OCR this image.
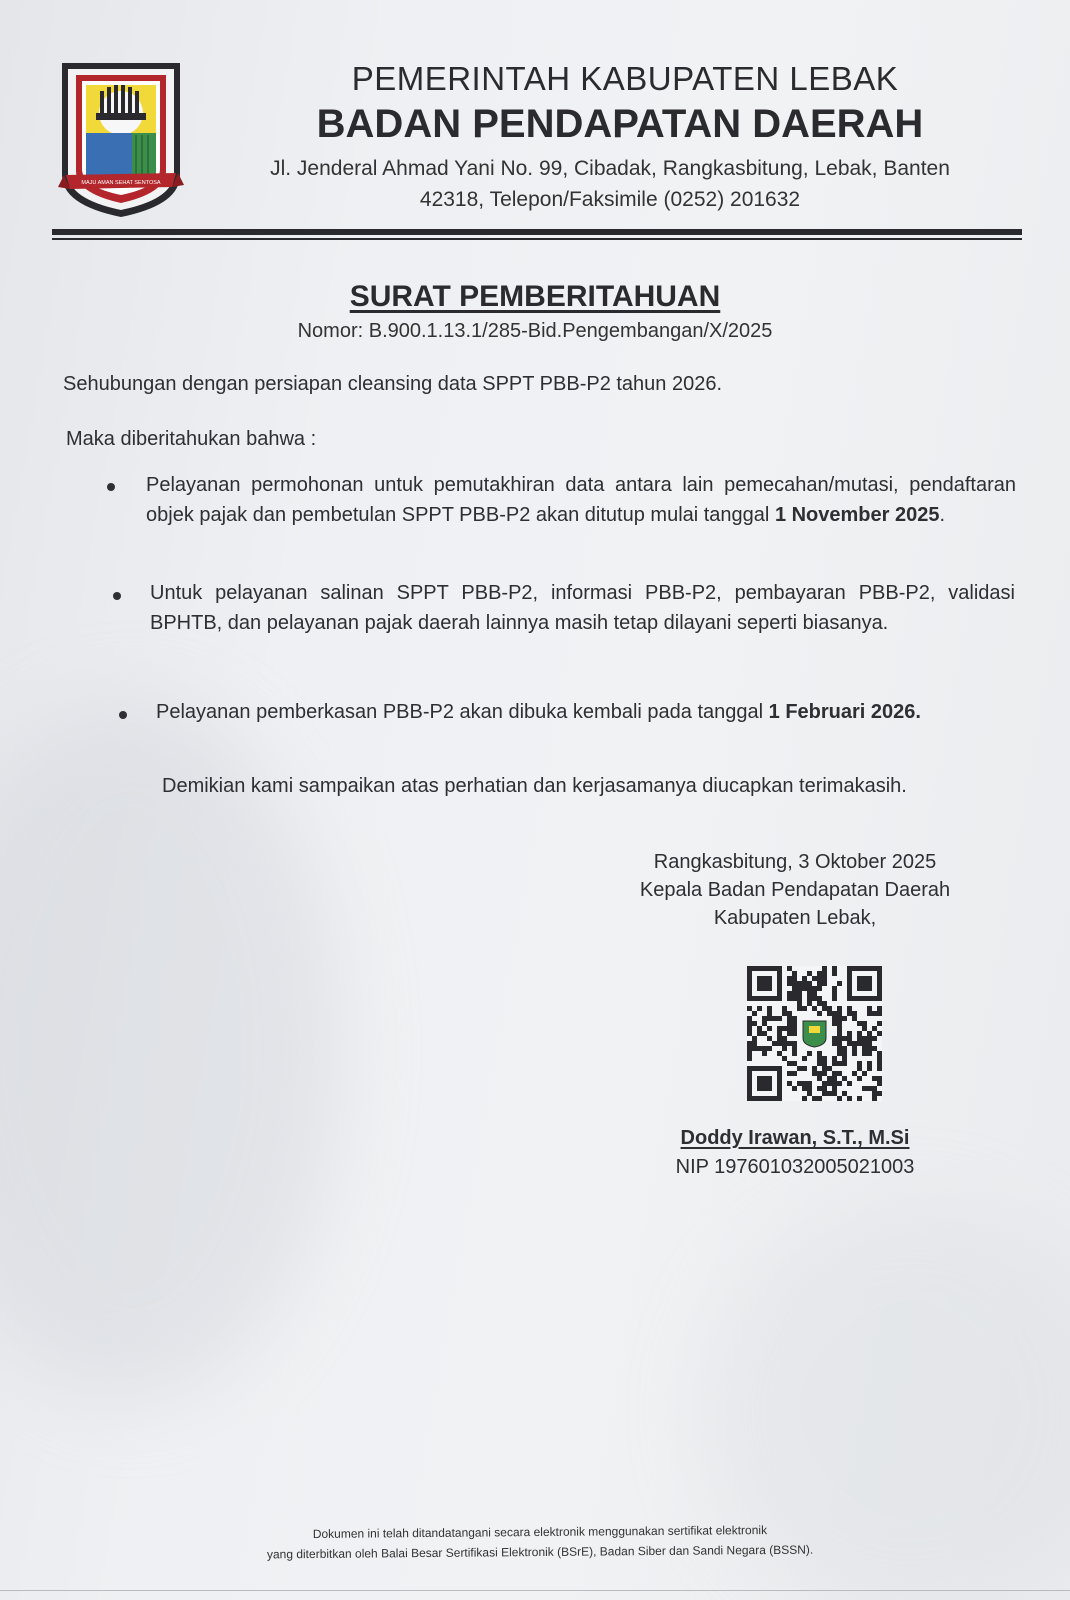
MAJU AMAN SEHAT SENTOSA
PEMERINTAH KABUPATEN LEBAK
BADAN PENDAPATAN DAERAH
Jl. Jenderal Ahmad Yani No. 99, Cibadak, Rangkasbitung, Lebak, Banten
42318, Telepon/Faksimile (0252) 201632
SURAT PEMBERITAHUAN
Nomor: B.900.1.13.1/285-Bid.Pengembangan/X/2025
Sehubungan dengan persiapan cleansing data SPPT PBB-P2 tahun 2026.
Maka diberitahukan bahwa :
Pelayanan permohonan untuk pemutakhiran data antara lain pemecahan/mutasi, pendaftaran objek pajak dan pembetulan SPPT PBB-P2 akan ditutup mulai tanggal 1 November 2025.
Untuk pelayanan salinan SPPT PBB-P2, informasi PBB-P2, pembayaran PBB-P2, validasi BPHTB, dan pelayanan pajak daerah lainnya masih tetap dilayani seperti biasanya.
Pelayanan pemberkasan PBB-P2 akan dibuka kembali pada tanggal 1 Februari 2026.
Demikian kami sampaikan atas perhatian dan kerjasamanya diucapkan terimakasih.
Rangkasbitung, 3 Oktober 2025
Kepala Badan Pendapatan Daerah
Kabupaten Lebak,
Doddy Irawan, S.T., M.Si
NIP 197601032005021003
Dokumen ini telah ditandatangani secara elektronik menggunakan sertifikat elektronik
yang diterbitkan oleh Balai Besar Sertifikasi Elektronik (BSrE), Badan Siber dan Sandi Negara (BSSN).
